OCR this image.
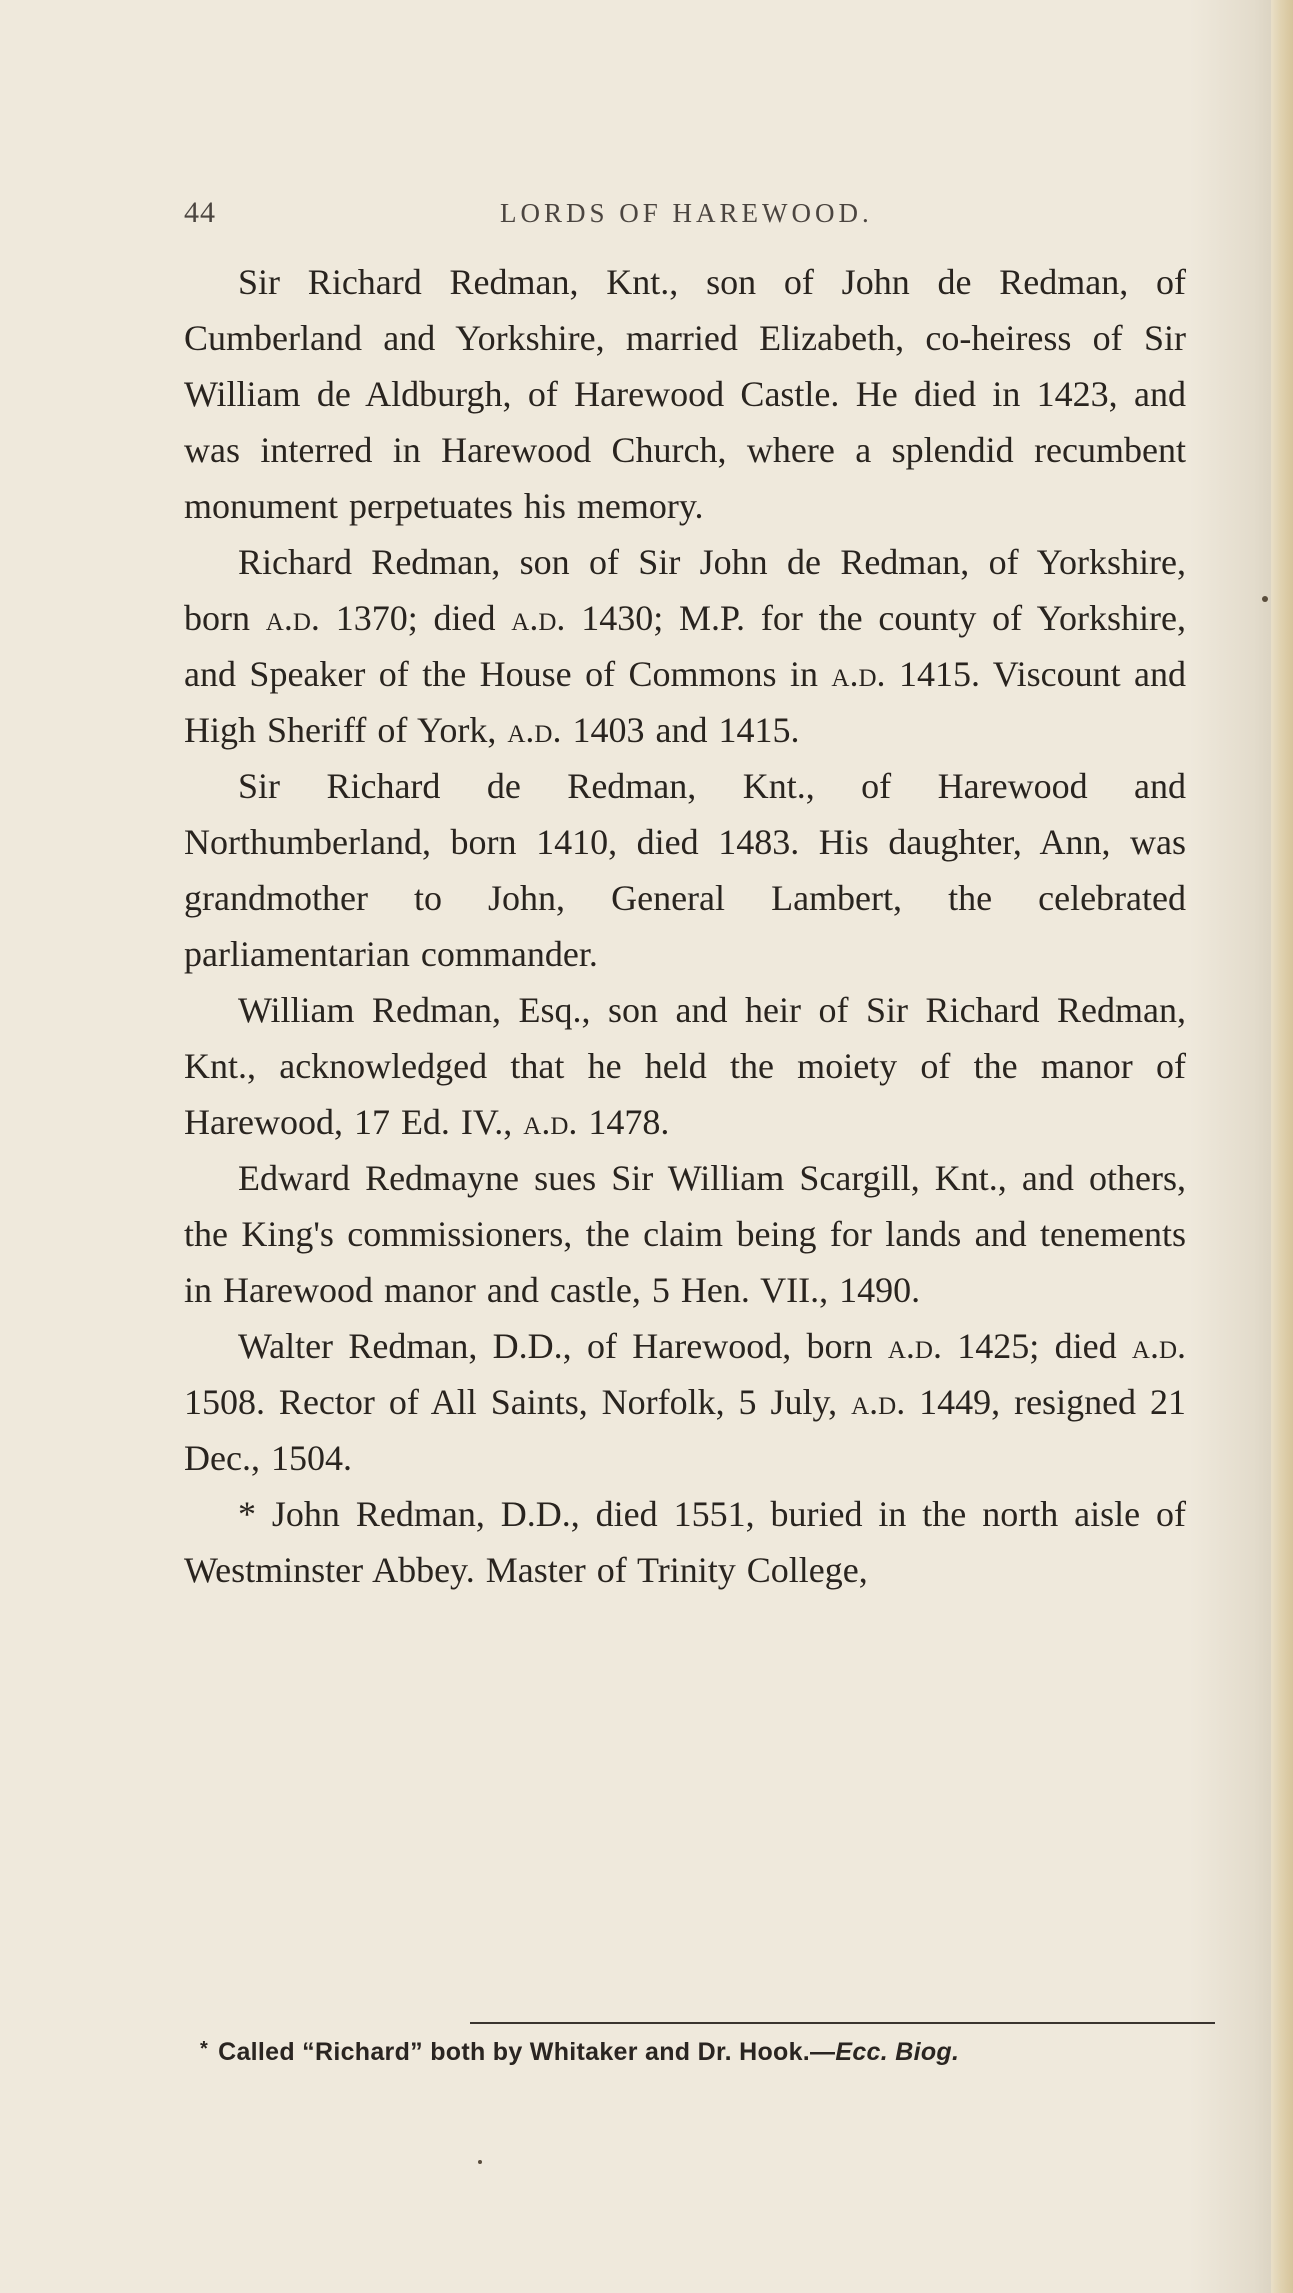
44	LORDS OF HAREWOOD.

Sir Richard Redman, Knt., son of John de Redman, of Cumberland and Yorkshire, married Elizabeth, co-heiress of Sir William de Aldburgh, of Harewood Castle. He died in 1423, and was interred in Harewood Church, where a splendid recumbent monument perpetuates his memory.

Richard Redman, son of Sir John de Redman, of Yorkshire, born a.d. 1370; died a.d. 1430; M.P. for the county of Yorkshire, and Speaker of the House of Commons in a.d. 1415. Viscount and High Sheriff of York, a.d. 1403 and 1415.

Sir Richard de Redman, Knt., of Harewood and Northumberland, born 1410, died 1483. His daughter, Ann, was grandmother to John, General Lambert, the celebrated parliamentarian commander.

William Redman, Esq., son and heir of Sir Richard Redman, Knt., acknowledged that he held the moiety of the manor of Harewood, 17 Ed. IV., a.d. 1478.

Edward Redmayne sues Sir William Scargill, Knt., and others, the King's commissioners, the claim being for lands and tenements in Harewood manor and castle, 5 Hen. VII., 1490.

Walter Redman, D.D., of Harewood, born a.d. 1425; died a.d. 1508. Rector of All Saints, Norfolk, 5 July, a.d. 1449, resigned 21 Dec., 1504.

* John Redman, D.D., died 1551, buried in the north aisle of Westminster Abbey. Master of Trinity College,

* Called “Richard” both by Whitaker and Dr. Hook.—Ecc. Biog.
